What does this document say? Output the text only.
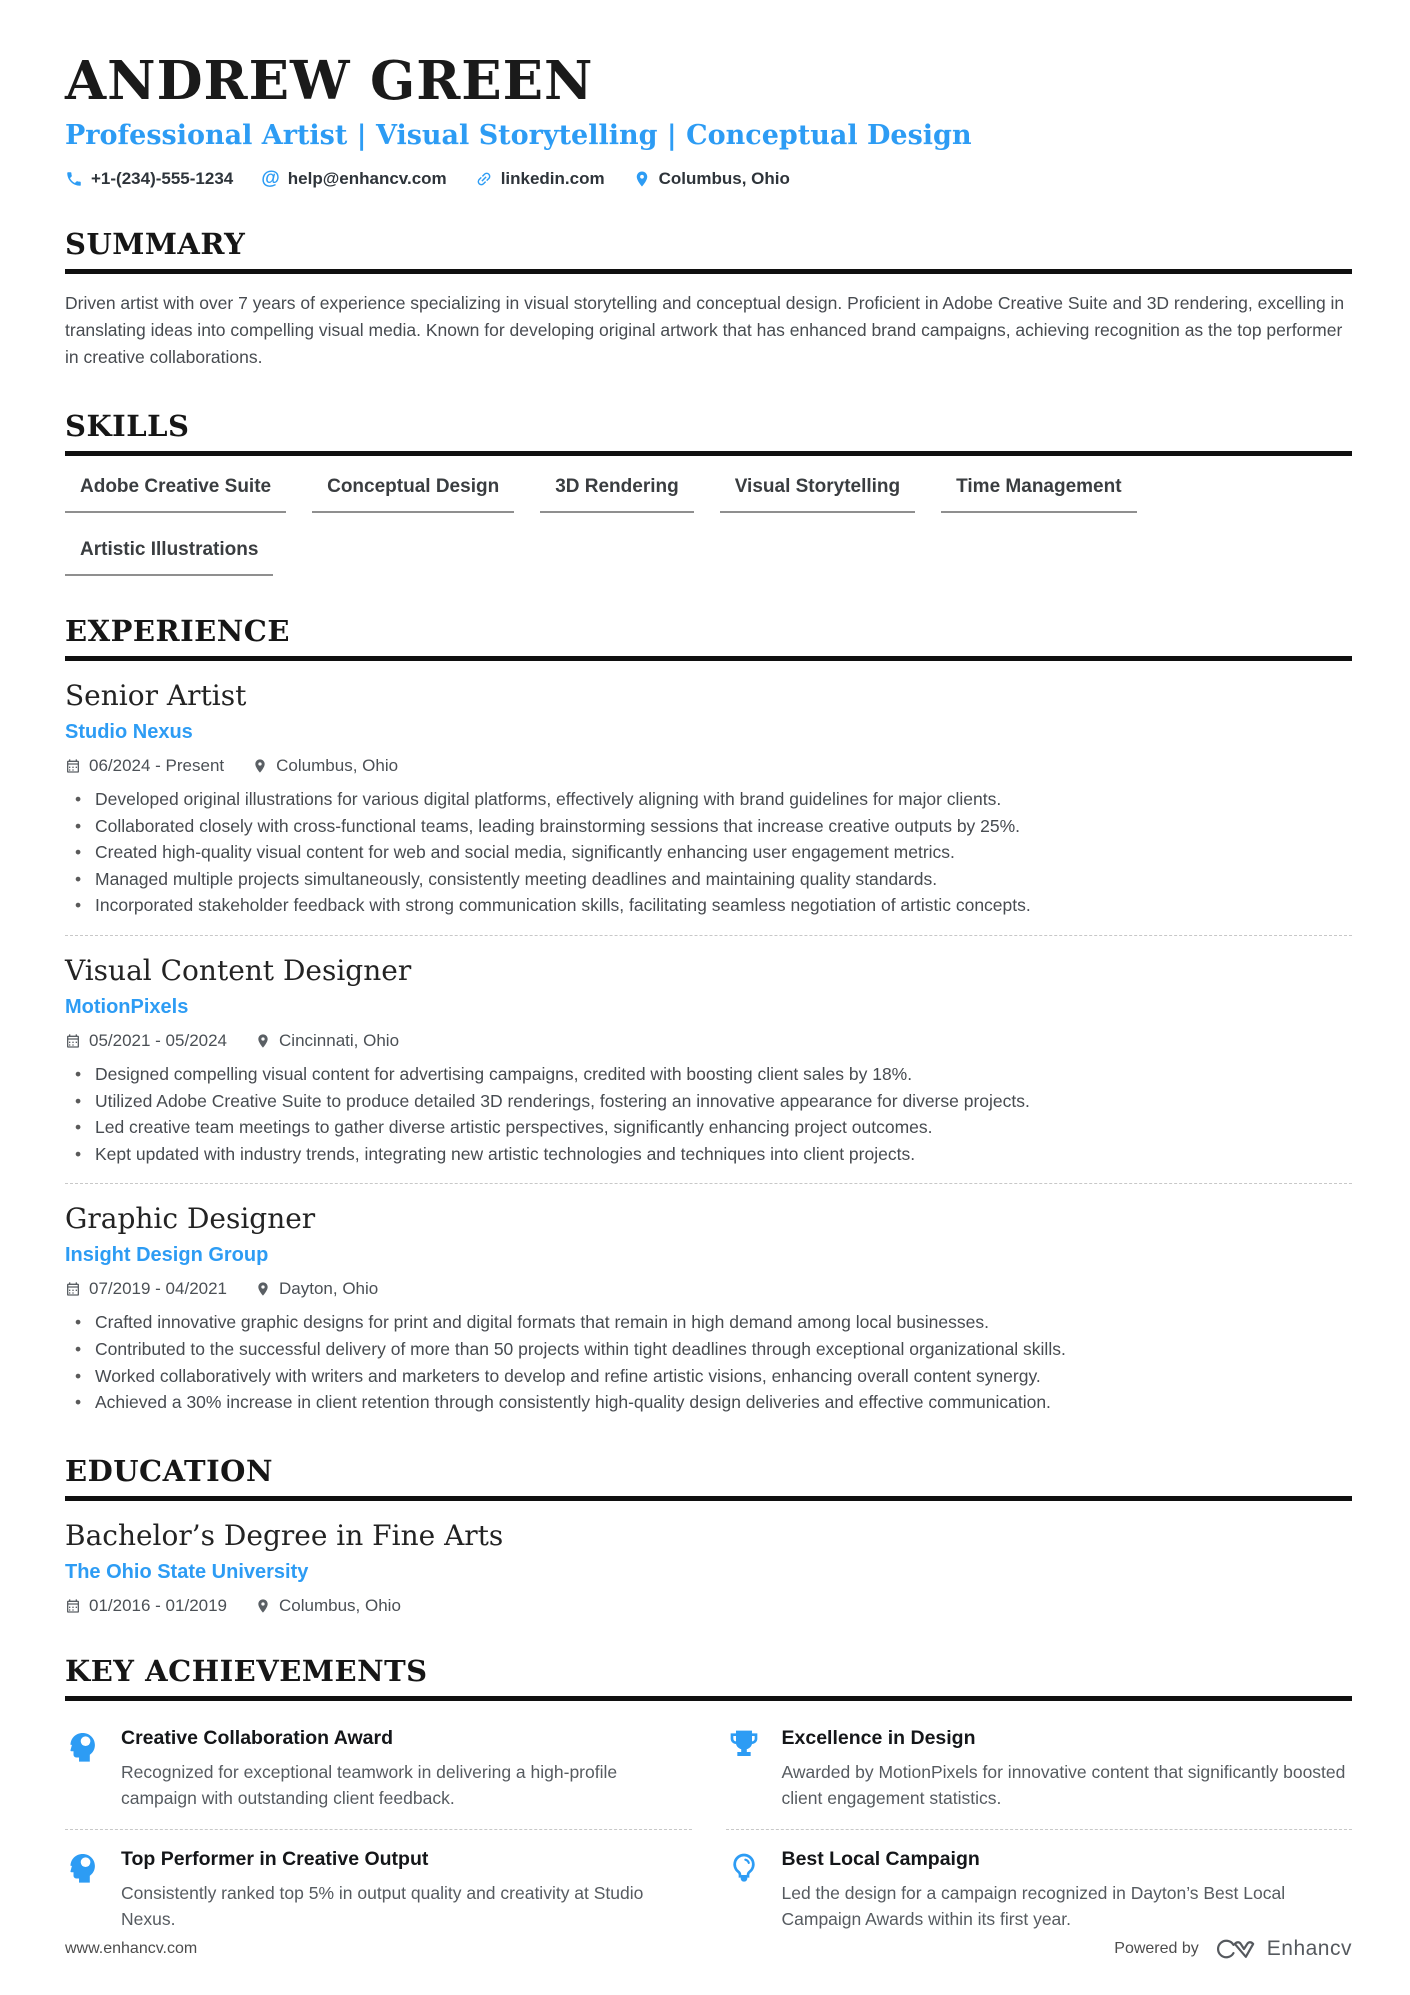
ANDREW GREEN
Professional Artist | Visual Storytelling | Conceptual Design
+1-(234)-555-1234 @ help@enhancv.com	linkedin.com	Columbus, Ohio
SUMMARY

Driven artist with over 7 years of experience specializing in visual storytelling and conceptual design. Proficient in Adobe Creative Suite and 3D rendering, excelling in translating ideas into compelling visual media. Known for developing original artwork that has enhanced brand campaigns, achieving recognition as the top performer in creative collaborations.

SKILLS
Adobe Creative Suite	Conceptual Design	3D Rendering	Visual Storytelling	Time Management
Artistic Illustrations
EXPERIENCE
Senior Artist
Studio Nexus
06/2024 - Present	Columbus, Ohio
• Developed original illustrations for various digital platforms, effectively aligning with brand guidelines for major clients.
• Collaborated closely with cross-functional teams, leading brainstorming sessions that increase creative outputs by 25%.
• Created high-quality visual content for web and social media, significantly enhancing user engagement metrics.
• Managed multiple projects simultaneously, consistently meeting deadlines and maintaining quality standards.
• Incorporated stakeholder feedback with strong communication skills, facilitating seamless negotiation of artistic concepts.
Visual Content Designer
MotionPixels
05/2021 - 05/2024	Cincinnati, Ohio
• Designed compelling visual content for advertising campaigns, credited with boosting client sales by 18%.
• Utilized Adobe Creative Suite to produce detailed 3D renderings, fostering an innovative appearance for diverse projects.
• Led creative team meetings to gather diverse artistic perspectives, significantly enhancing project outcomes.
• Kept updated with industry trends, integrating new artistic technologies and techniques into client projects.
Graphic Designer
Insight Design Group
07/2019 - 04/2021	Dayton, Ohio
• Crafted innovative graphic designs for print and digital formats that remain in high demand among local businesses.
• Contributed to the successful delivery of more than 50 projects within tight deadlines through exceptional organizational skills.
• Worked collaboratively with writers and marketers to develop and refine artistic visions, enhancing overall content synergy.
• Achieved a 30% increase in client retention through consistently high-quality design deliveries and effective communication.
EDUCATION
Bachelor’s Degree in Fine Arts
The Ohio State University
01/2016 - 01/2019	Columbus, Ohio
KEY ACHIEVEMENTS
Creative Collaboration Award
Recognized for exceptional teamwork in delivering a high-profile campaign with outstanding client feedback.
Excellence in Design
Awarded by MotionPixels for innovative content that significantly boosted client engagement statistics.
Top Performer in Creative Output
Consistently ranked top 5% in output quality and creativity at Studio Nexus.
Best Local Campaign
Led the design for a campaign recognized in Dayton’s Best Local Campaign Awards within its first year.
www.enhancv.com	Powered by	Enhancv
